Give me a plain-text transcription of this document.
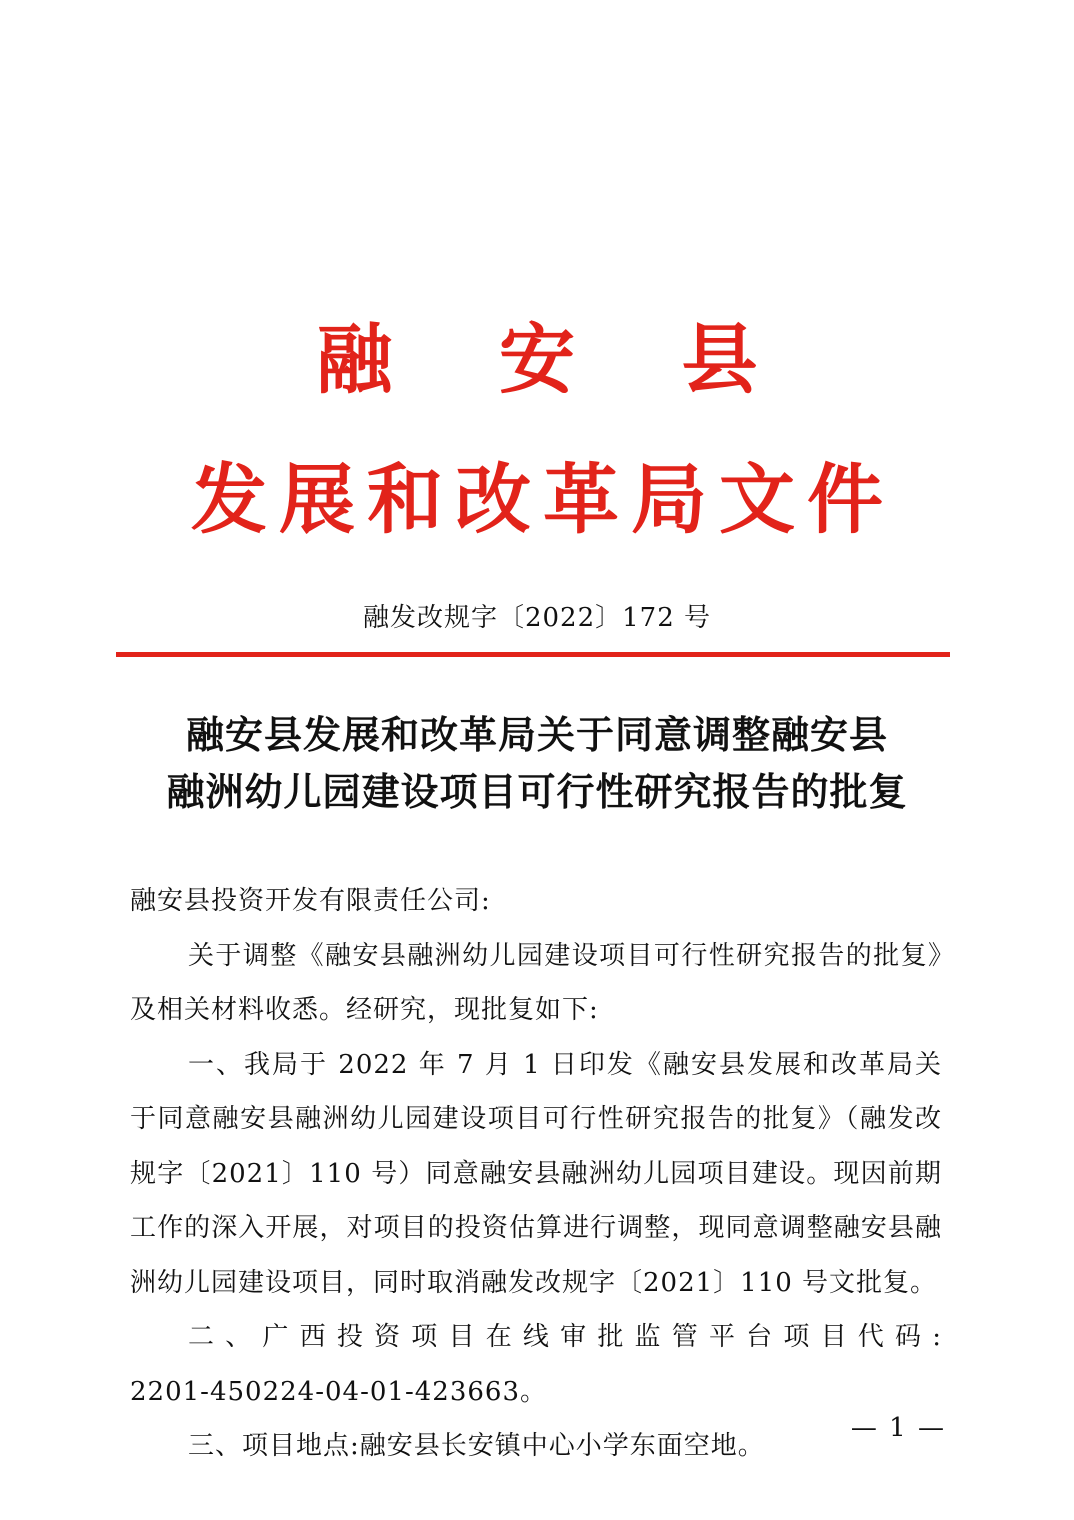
融 安 县
发展和改革局文件
融发改规字〔2022〕172 号
融安县发展和改革局关于同意调整融安县
融洲幼儿园建设项目可行性研究报告的批复

融安县投资开发有限责任公司:

关于调整《融安县融洲幼儿园建设项目可行性研究报告的批复》及相关材料收悉。经研究，现批复如下:

一、我局于 2022 年 7 月 1 日印发《融安县发展和改革局关于同意融安县融洲幼儿园建设项目可行性研究报告的批复》（融发改规字〔2021〕110 号）同意融安县融洲幼儿园项目建设。现因前期工作的深入开展，对项目的投资估算进行调整，现同意调整融安县融洲幼儿园建设项目，同时取消融发改规字〔2021〕110 号文批复。

二、广西投资项目在线审批监管平台项目代码:

2201-450224-04-01-423663。

三、项目地点:融安县长安镇中心小学东面空地。

— 1 —
